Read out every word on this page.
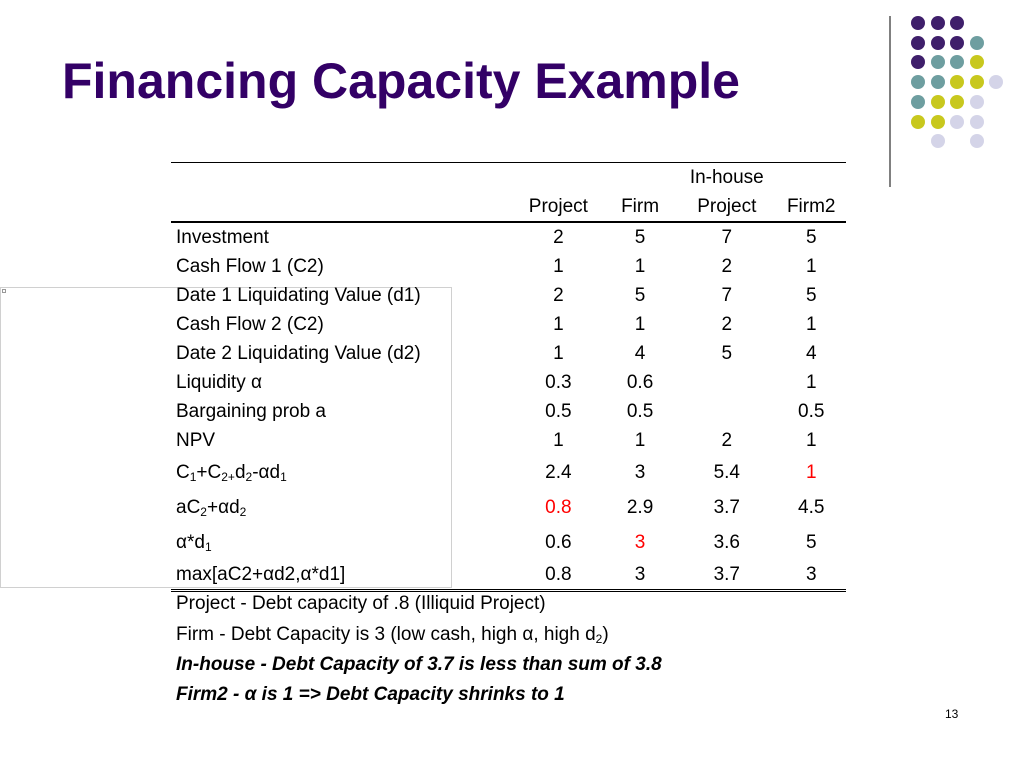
Financing Capacity Example
			In-house	
	Project	Firm	Project	Firm2
Investment	2	5	7	5
Cash Flow 1 (C2)	1	1	2	1
Date 1 Liquidating Value (d1)	2	5	7	5
Cash Flow 2 (C2)	1	1	2	1
Date 2 Liquidating Value (d2)	1	4	5	4
Liquidity α	0.3	0.6		1
Bargaining prob a	0.5	0.5		0.5
NPV	1	1	2	1
$C_1+C_{2+}d_2-\alpha d_1$	2.4	3	5.4	1
$aC_2+\alpha d_2$	0.8	2.9	3.7	4.5
$\alpha*d_1$	0.6	3	3.6	5
max[aC2+αd2,α*d1]	0.8	3	3.7	3
Project - Debt capacity of .8 (Illiquid Project)
Firm - Debt Capacity is 3 (low cash, high α, high $d_2$)
In-house - Debt Capacity of 3.7 is less than sum of 3.8
Firm2 - α is 1 => Debt Capacity shrinks to 1
13
